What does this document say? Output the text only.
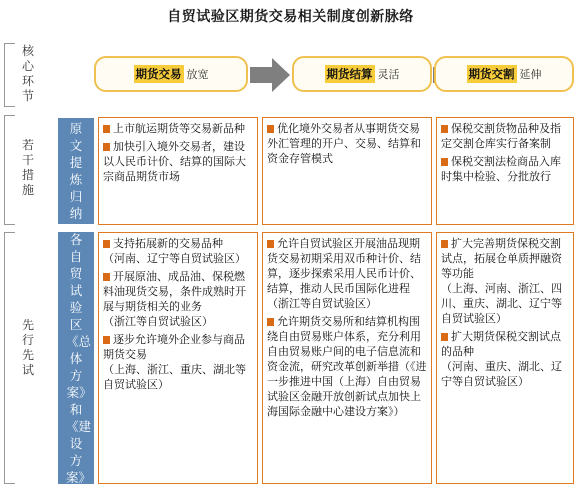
自贸试验区期货交易相关制度创新脉络
核心环节
若干措施
先行先试
期货交易 放宽	期货结算 灵活	期货交割 延伸
原文提炼归纳
各自贸试验区《总体方案》和《建设方案》
上市航运期货等交易新品种
加快引入境外交易者，建设以人民币计价、结算的国际大宗商品期货市场
优化境外交易者从事期货交易外汇管理的开户、交易、结算和资金存管模式
保税交割货物品种及指定交割仓库实行备案制
保税交割法检商品入库时集中检验、分批放行
支持拓展新的交易品种
（河南、辽宁等自贸试验区）
开展原油、成品油、保税燃料油现货交易，条件成熟时开展与期货相关的业务
（浙江等自贸试验区）
逐步允许境外企业参与商品期货交易
（上海、浙江、重庆、湖北等自贸试验区）
允许自贸试验区开展油品现期货交易初期采用双币种计价、结算，逐步探索采用人民币计价、结算，推动人民币国际化进程（浙江等自贸试验区）
允许期货交易所和结算机构围绕自由贸易账户体系，充分利用自由贸易账户间的电子信息流和资金流，研究改革创新举措（《进一步推进中国（上海）自由贸易试验区金融开放创新试点加快上海国际金融中心建设方案》）
扩大完善期货保税交割试点，拓展仓单质押融资等功能
（上海、河南、浙江、四川、重庆、湖北、辽宁等自贸试验区）
扩大期货保税交割试点的品种
（河南、重庆、湖北、辽宁等自贸试验区）
